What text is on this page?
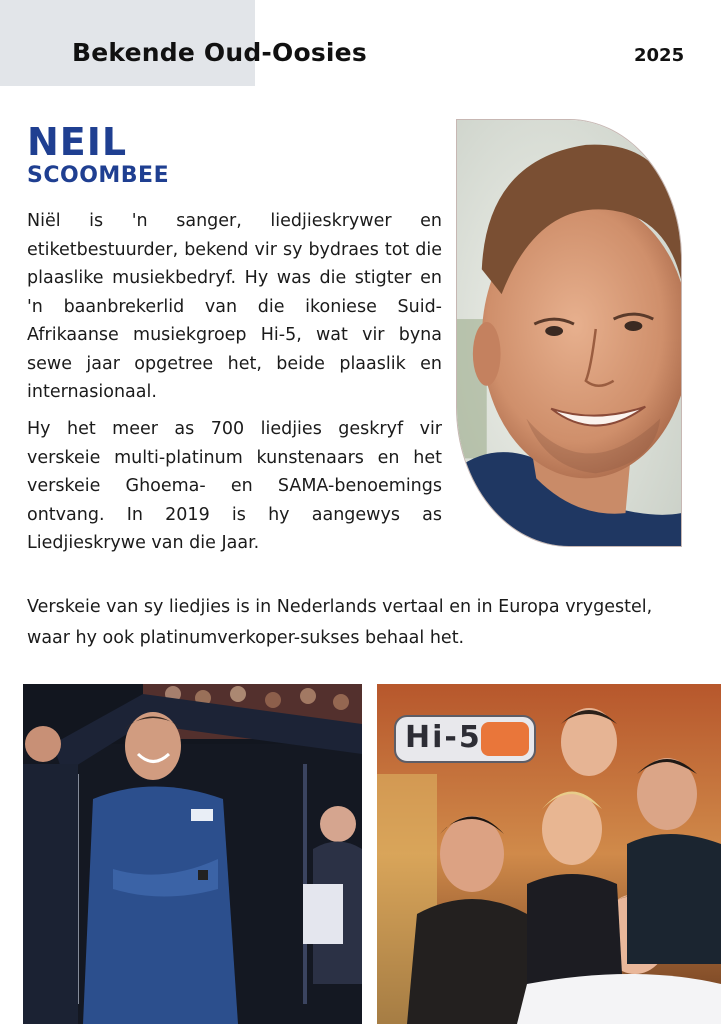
Bekende Oud-Oosies	2025
NEIL
SCOOMBEE

Niël is 'n sanger, liedjieskrywer en etiketbestuurder, bekend vir sy bydraes tot die plaaslike musiekbedryf. Hy was die stigter en 'n baanbrekerlid van die ikoniese Suid-Afrikaanse musiekgroep Hi-5, wat vir byna sewe jaar opgetree het, beide plaaslik en internasionaal.

Hy het meer as 700 liedjies geskryf vir verskeie multi-platinum kunstenaars en het verskeie Ghoema- en SAMA-benoemings ontvang. In 2019 is hy aangewys as Liedjieskrywe van die Jaar.

Verskeie van sy liedjies is in Nederlands vertaal en in Europa vrygestel, waar hy ook platinumverkoper-sukses behaal het.

Hi-5
